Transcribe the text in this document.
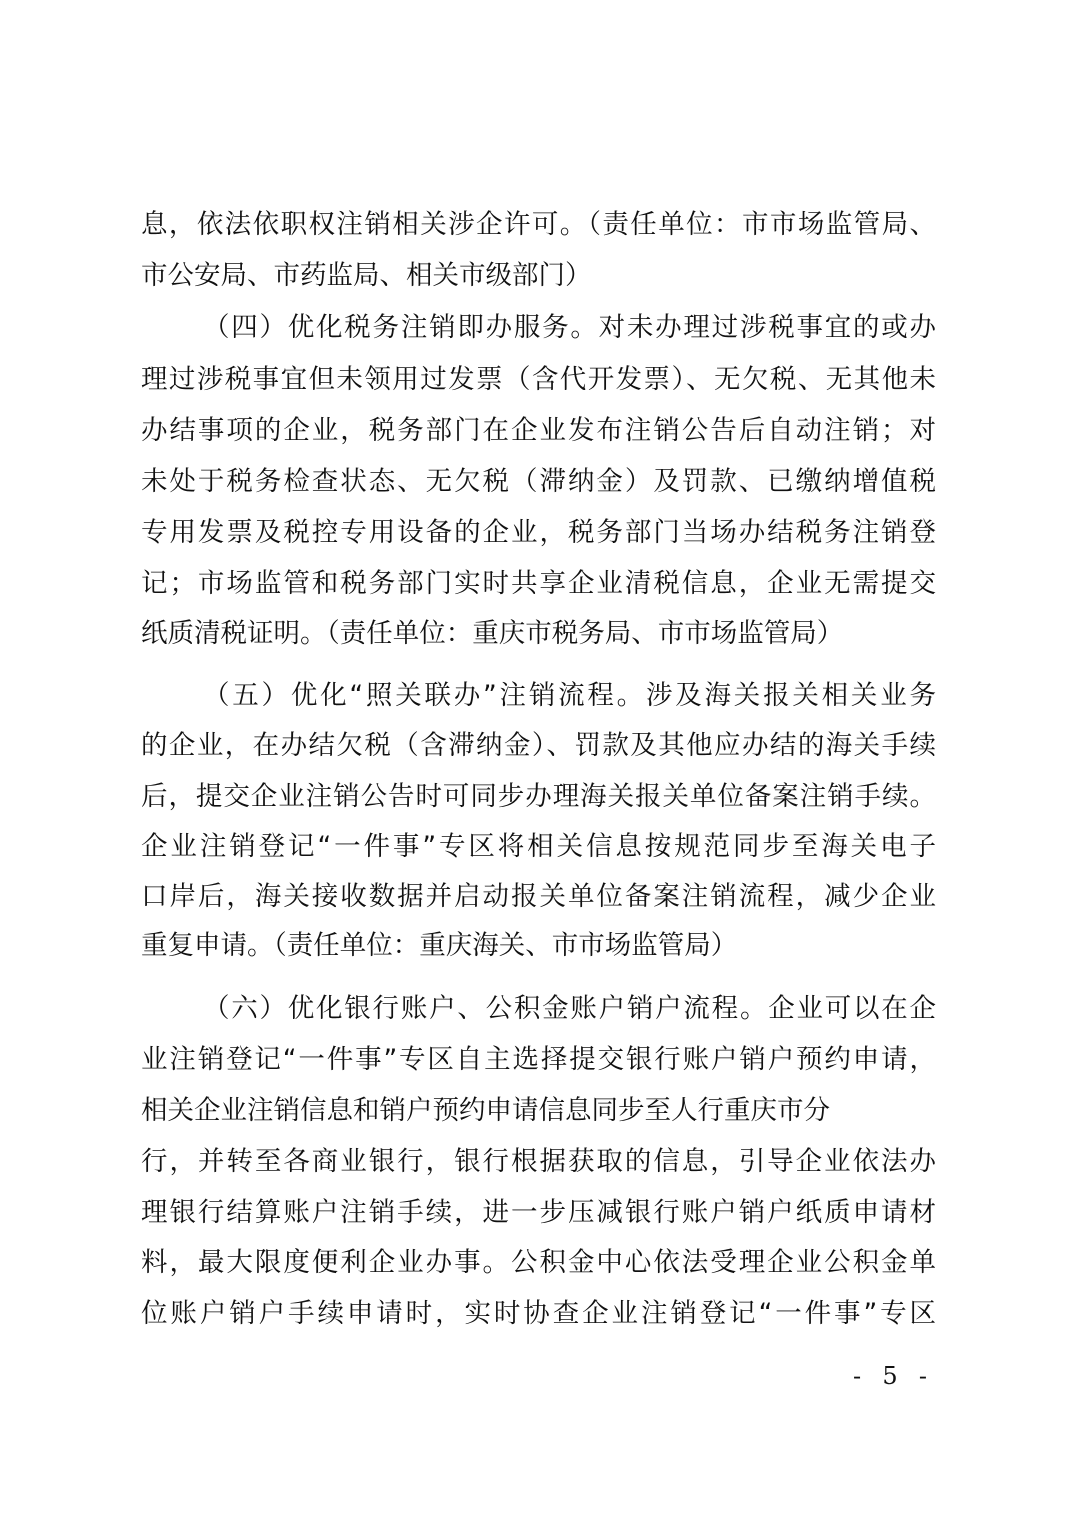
息，依法依职权注销相关涉企许可。（责任单位：市市场监管局、
市公安局、市药监局、相关市级部门）
（四）优化税务注销即办服务。对未办理过涉税事宜的或办
理过涉税事宜但未领用过发票（含代开发票）、无欠税、无其他未
办结事项的企业，税务部门在企业发布注销公告后自动注销；对
未处于税务检查状态、无欠税（滞纳金）及罚款、已缴纳增值税
专用发票及税控专用设备的企业，税务部门当场办结税务注销登
记；市场监管和税务部门实时共享企业清税信息，企业无需提交
纸质清税证明。（责任单位：重庆市税务局、市市场监管局）
（五）优化“照关联办”注销流程。涉及海关报关相关业务
的企业，在办结欠税（含滞纳金）、罚款及其他应办结的海关手续
后，提交企业注销公告时可同步办理海关报关单位备案注销手续。
企业注销登记“一件事”专区将相关信息按规范同步至海关电子
口岸后，海关接收数据并启动报关单位备案注销流程，减少企业
重复申请。（责任单位：重庆海关、市市场监管局）
（六）优化银行账户、公积金账户销户流程。企业可以在企
业注销登记“一件事”专区自主选择提交银行账户销户预约申请，
相关企业注销信息和销户预约申请信息同步至人行重庆市分
行，并转至各商业银行，银行根据获取的信息，引导企业依法办
理银行结算账户注销手续，进一步压减银行账户销户纸质申请材
料，最大限度便利企业办事。公积金中心依法受理企业公积金单
位账户销户手续申请时，实时协查企业注销登记“一件事”专区
-  5  -
